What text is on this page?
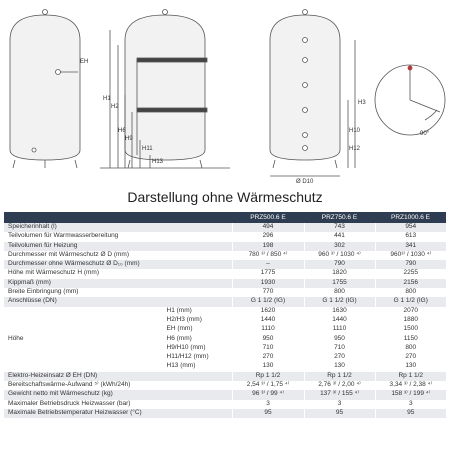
EH
H1
H2
H6
H9
H11
H13
H3
H10
H12
Ø D10
90°
Darstellung ohne Wärmeschutz
		PRZ500.6 E	PRZ750.6 E	PRZ1000.6 E
Speicherinhalt (l)		494	743	954
Teilvolumen für Warmwasserbereitung		296	441	613
Teilvolumen für Heizung		198	302	341
Durchmesser mit Wärmeschutz Ø D (mm)		780 ³⁾ / 850 ⁴⁾	960 ³⁾ / 1030 ⁴⁾	960³⁾ / 1030 ⁴⁾
Durchmesser ohne Wärmeschutz Ø D₁₀ (mm)		–	790	790
Höhe mit Wärmeschutz H (mm)		1775	1820	2255
Kippmaß (mm)		1930	1755	2156
Breite Einbringung (mm)		770	800	800
Anschlüsse (DN)		G 1 1/2 (IG)	G 1 1/2 (IG)	G 1 1/2 (IG)
Höhe	H1 (mm)	1620	1630	2070
	H2/H3 (mm)	1440	1440	1880
	EH (mm)	1110	1110	1500
	H6 (mm)	950	950	1150
	H9/H10 (mm)	710	710	800
	H11/H12 (mm)	270	270	270
	H13 (mm)	130	130	130
Elektro-Heizeinsatz Ø EH (DN)		Rp 1 1/2	Rp 1 1/2	Rp 1 1/2
Bereitschaftswärme-Aufwand ⁵⁾ (kWh/24h)		2,54 ³⁾ / 1,75 ⁴⁾	2,76 ³⁾ / 2,00 ⁴⁾	3,34 ³⁾ / 2,38 ⁴⁾
Gewicht netto mit Wärmeschutz (kg)		96 ³⁾ / 99 ⁴⁾	137 ³⁾ / 155 ⁴⁾	158 ³⁾ / 199 ⁴⁾
Maximaler Betriebsdruck Heizwasser (bar)		3	3	3
Maximale Betriebstemperatur Heizwasser (°C)		95	95	95
